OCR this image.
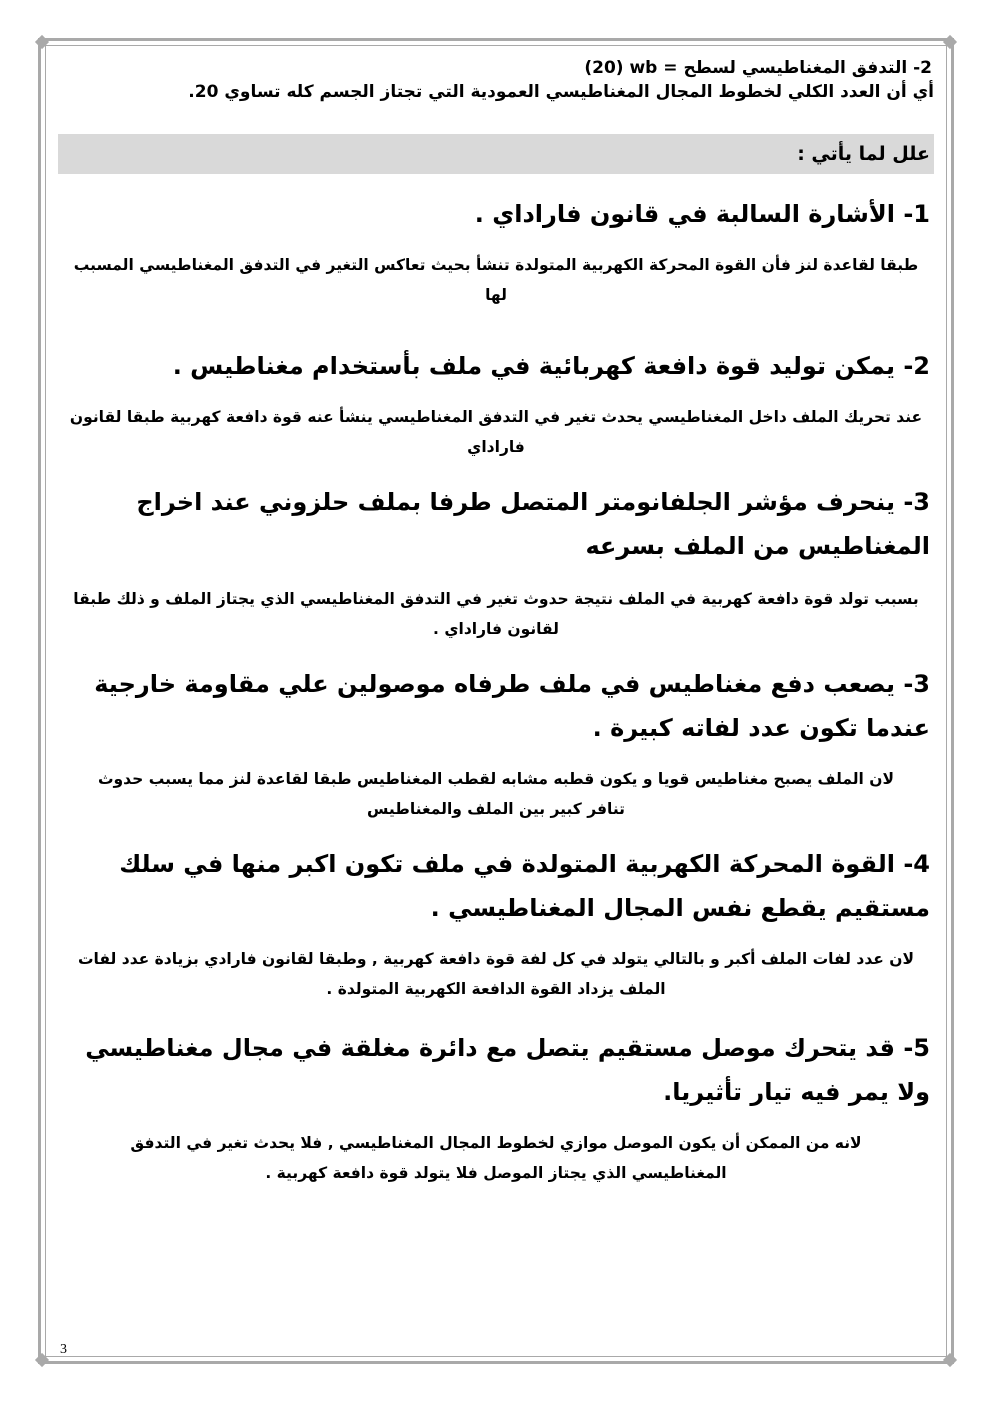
2- التدفق المغناطيسي لسطح (20) wb =

أي أن العدد الكلي لخطوط المجال المغناطيسي العمودية التي تجتاز الجسم كله تساوي 20.

علل لما يأتي :

1- الأشارة السالبة في قانون فاراداي .

طبقا لقاعدة لنز فأن القوة المحركة الكهربية المتولدة تنشأ بحيث تعاكس التغير في التدفق المغناطيسي المسبب لها

2- يمكن توليد قوة دافعة كهربائية في ملف بأستخدام مغناطيس .

عند تحريك الملف داخل المغناطيسي يحدث تغير في التدفق المغناطيسي ينشأ عنه قوة دافعة كهربية طبقا لقانون فاراداي

3- ينحرف مؤشر الجلفانومتر المتصل طرفا بملف حلزوني عند اخراج المغناطيس من الملف بسرعه

بسبب تولد قوة دافعة كهربية في الملف نتيجة حدوث تغير في التدفق المغناطيسي الذي يجتاز الملف و ذلك طبقا لقانون فاراداي .

3- يصعب دفع مغناطيس في ملف طرفاه موصولين علي مقاومة خارجية عندما تكون عدد لفاته كبيرة .

لان الملف يصبح مغناطيس قويا و يكون قطبه مشابه لقطب المغناطيس طبقا لقاعدة لنز مما يسبب حدوث تنافر كبير بين الملف والمغناطيس

4- القوة المحركة الكهربية المتولدة في ملف تكون اكبر منها في سلك مستقيم يقطع نفس المجال المغناطيسي .

لان عدد لفات الملف أكبر و بالتالي يتولد في كل لفة قوة دافعة كهربية , وطبقا لقانون فارادي بزيادة عدد لفات الملف يزداد القوة الدافعة الكهربية المتولدة .

5- قد يتحرك موصل مستقيم يتصل مع دائرة مغلقة في مجال مغناطيسي ولا يمر فيه تيار تأثيريا.

لانه من الممكن أن يكون الموصل موازي لخطوط المجال المغناطيسي , فلا يحدث تغير في التدفق المغناطيسي الذي يجتاز الموصل فلا يتولد قوة دافعة كهربية .

3
